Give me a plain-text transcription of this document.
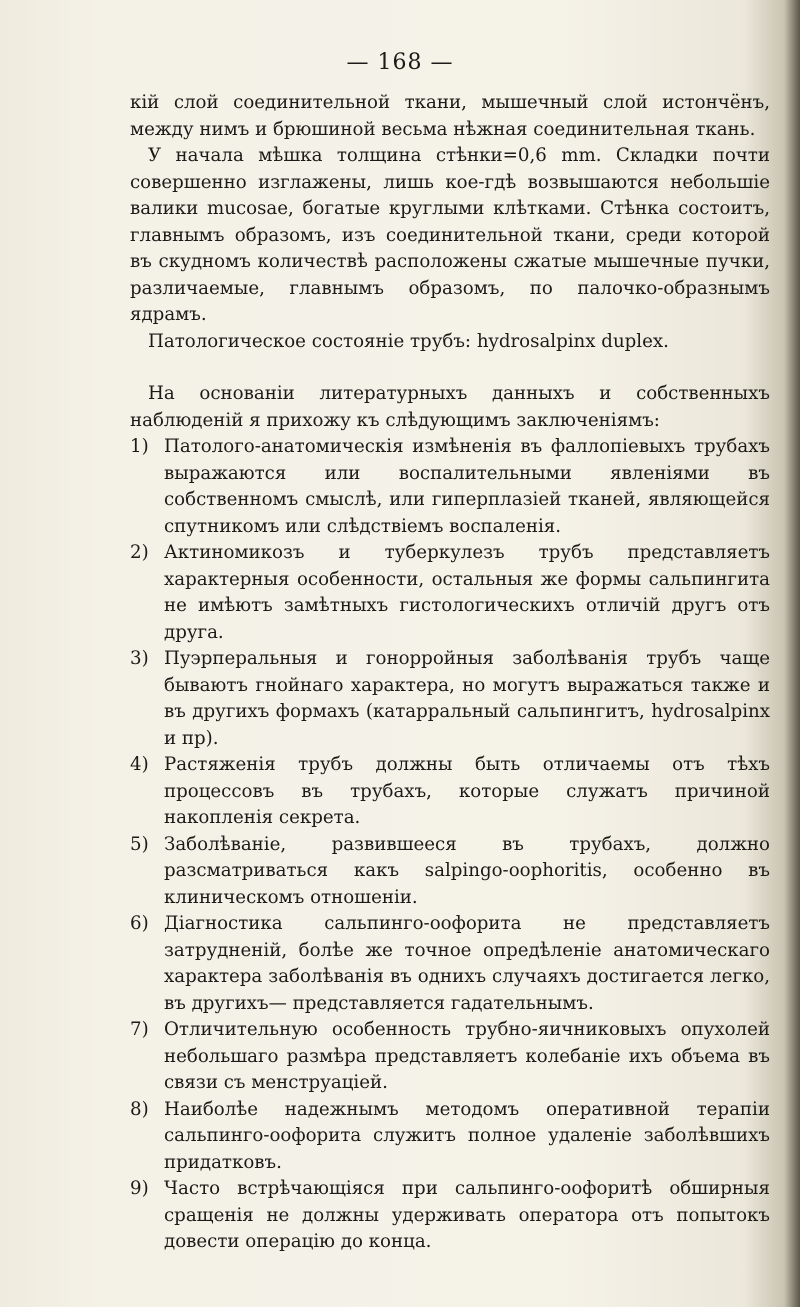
— 168 —

кій слой соединительной ткани, мышечный слой истончёнъ, между нимъ и брюшиной весьма нѣжная соединительная ткань.

У начала мѣшка толщина стѣнки=0,6 mm. Складки почти совершенно изглажены, лишь кое-гдѣ возвышаются небольшіе валики mucosae, богатые круглыми клѣтками. Стѣнка состоитъ, главнымъ образомъ, изъ соединительной ткани, среди которой въ скудномъ количествѣ расположены сжатые мышечные пучки, различаемые, главнымъ образомъ, по палочко-образнымъ ядрамъ.

Патологическое состояніе трубъ: hydrosalpinx duplex.

На основаніи литературныхъ данныхъ и собственныхъ наблюденій я прихожу къ слѣдующимъ заключеніямъ:

1) Патолого-анатомическія измѣненія въ фаллопіевыхъ трубахъ выражаются или воспалительными явленіями въ собственномъ смыслѣ, или гиперплазіей тканей, являющейся спутникомъ или слѣдствіемъ воспаленія.
2) Актиномикозъ и туберкулезъ трубъ представляетъ характерныя особенности, остальныя же формы сальпингита не имѣютъ замѣтныхъ гистологическихъ отличій другъ отъ друга.
3) Пуэрперальныя и гонорройныя заболѣванія трубъ чаще бываютъ гнойнаго характера, но могутъ выражаться также и въ другихъ формахъ (катарральный сальпингитъ, hydrosalpinx и пр).
4) Растяженія трубъ должны быть отличаемы отъ тѣхъ процессовъ въ трубахъ, которые служатъ причиной накопленія секрета.
5) Заболѣваніе, развившееся въ трубахъ, должно разсматриваться какъ salpingo-oophoritis, особенно въ клиническомъ отношеніи.
6) Діагностика сальпинго-оофорита не представляетъ затрудненій, болѣе же точное опредѣленіе анатомическаго характера заболѣванія въ однихъ случаяхъ достигается легко, въ другихъ— представляется гадательнымъ.
7) Отличительную особенность трубно-яичниковыхъ опухолей небольшаго размѣра представляетъ колебаніе ихъ объема въ связи съ менструаціей.
8) Наиболѣе надежнымъ методомъ оперативной терапіи сальпинго-оофорита служитъ полное удаленіе заболѣвшихъ придатковъ.
9) Часто встрѣчающіяся при сальпинго-оофоритѣ обширныя сращенія не должны удерживать оператора отъ попытокъ довести операцію до конца.
